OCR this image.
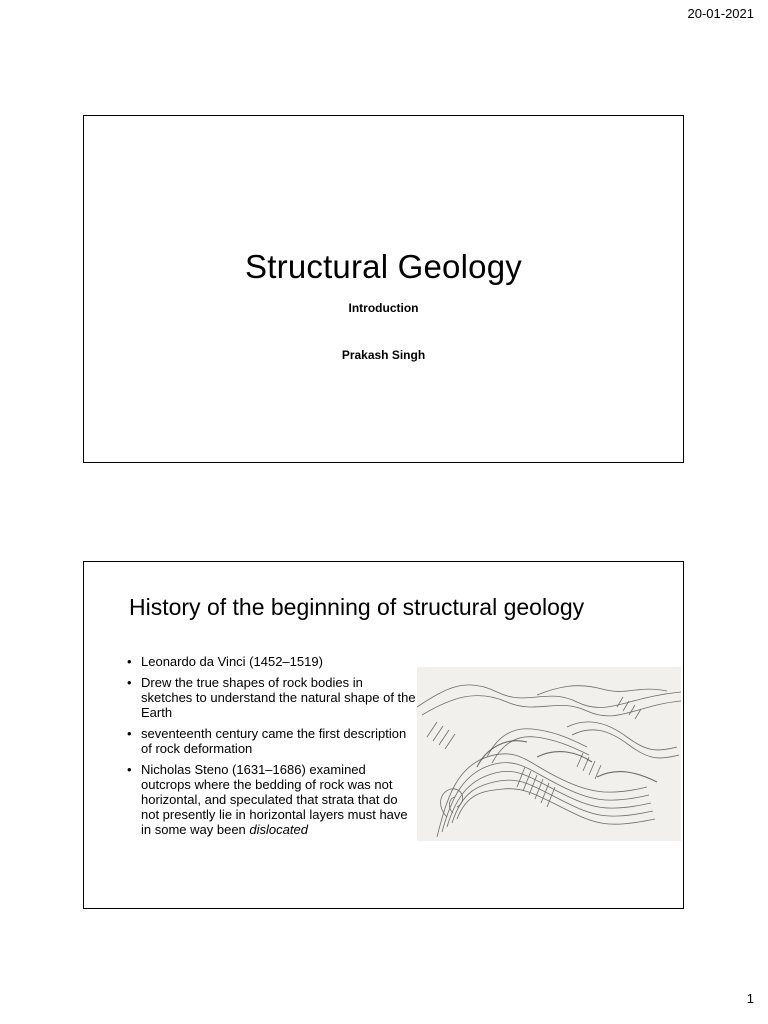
20-01-2021
Structural Geology
Introduction
Prakash Singh
History of the beginning of structural geology
• Leonardo da Vinci (1452–1519)
• Drew the true shapes of rock bodies in sketches to understand the natural shape of the Earth
• seventeenth century came the first description of rock deformation
• Nicholas Steno (1631–1686) examined outcrops where the bedding of rock was not horizontal, and speculated that strata that do not presently lie in horizontal layers must have in some way been dislocated
1
